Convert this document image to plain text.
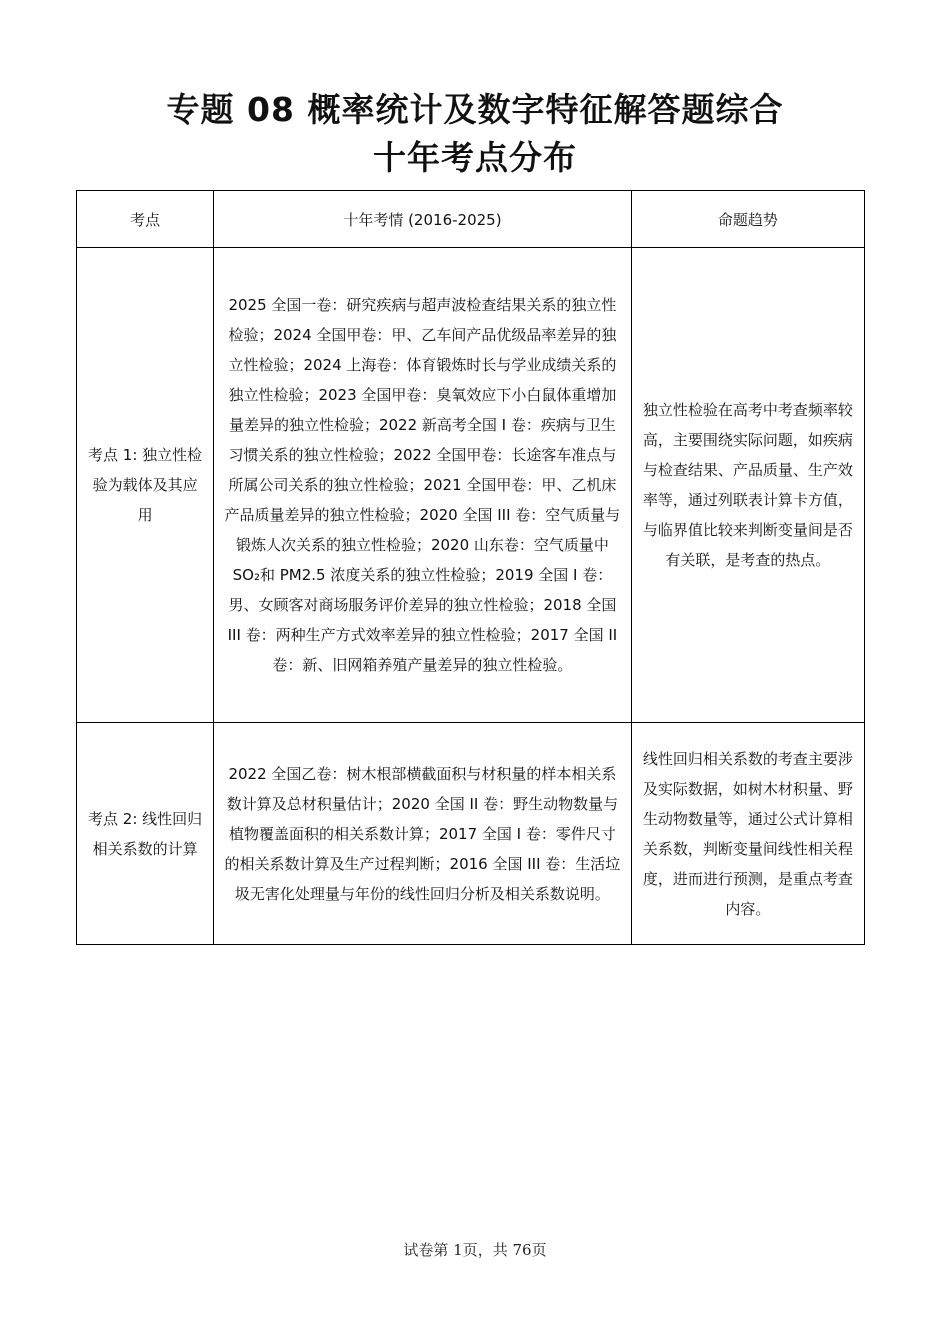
专题 08 概率统计及数字特征解答题综合
十年考点分布
考点	十年考情 (2016-2025)	命题趋势

考点 1: 独立性检验为载体及其应用	2025 全国一卷：研究疾病与超声波检查结果关系的独立性检验；2024 全国甲卷：甲、乙车间产品优级品率差异的独立性检验；2024 上海卷：体育锻炼时长与学业成绩关系的独立性检验；2023 全国甲卷：臭氧效应下小白鼠体重增加量差异的独立性检验；2022 新高考全国 Ⅰ 卷：疾病与卫生习惯关系的独立性检验；2022 全国甲卷：长途客车准点与所属公司关系的独立性检验；2021 全国甲卷：甲、乙机床产品质量差异的独立性检验；2020 全国 III 卷：空气质量与锻炼人次关系的独立性检验；2020 山东卷：空气质量中 SO₂和 PM2.5 浓度关系的独立性检验；2019 全国 I 卷：男、女顾客对商场服务评价差异的独立性检验；2018 全国 III 卷：两种生产方式效率差异的独立性检验；2017 全国 II 卷：新、旧网箱养殖产量差异的独立性检验。	独立性检验在高考中考查频率较高，主要围绕实际问题，如疾病与检查结果、产品质量、生产效率等，通过列联表计算卡方值，与临界值比较来判断变量间是否有关联，是考查的热点。

考点 2: 线性回归相关系数的计算	2022 全国乙卷：树木根部横截面积与材积量的样本相关系数计算及总材积量估计；2020 全国 II 卷：野生动物数量与植物覆盖面积的相关系数计算；2017 全国 I 卷：零件尺寸的相关系数计算及生产过程判断；2016 全国 III 卷：生活垃圾无害化处理量与年份的线性回归分析及相关系数说明。	线性回归相关系数的考查主要涉及实际数据，如树木材积量、野生动物数量等，通过公式计算相关系数，判断变量间线性相关程度，进而进行预测，是重点考查内容。
试卷第 1页，共 76页
